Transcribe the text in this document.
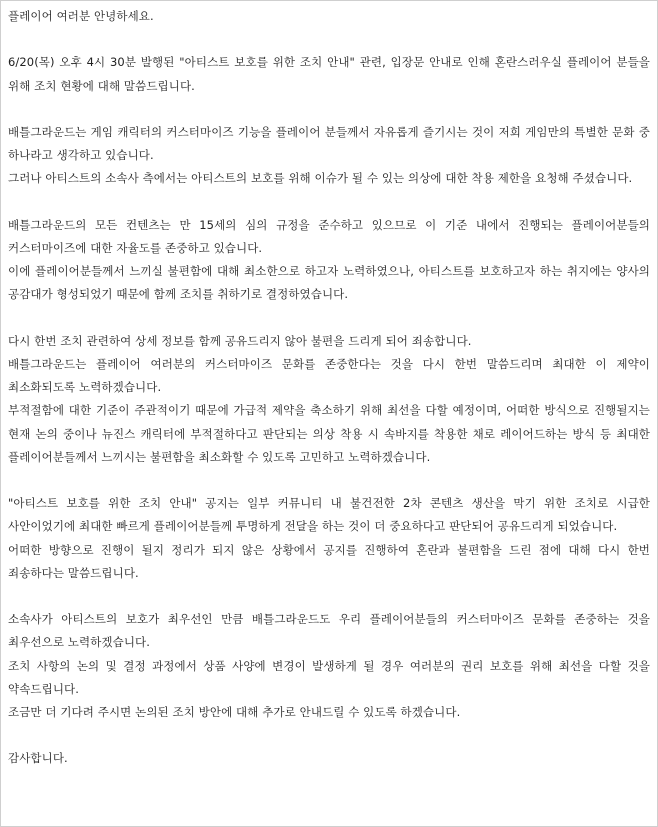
플레이어 여러분 안녕하세요.

6/20(목) 오후 4시 30분 발행된 "아티스트 보호를 위한 조치 안내" 관련, 입장문 안내로 인해 혼란스러우실 플레이어 분들을 위해 조치 현황에 대해 말씀드립니다.

배틀그라운드는 게임 캐릭터의 커스터마이즈 기능을 플레이어 분들께서 자유롭게 즐기시는 것이 저희 게임만의 특별한 문화 중 하나라고 생각하고 있습니다.

그러나 아티스트의 소속사 측에서는 아티스트의 보호를 위해 이슈가 될 수 있는 의상에 대한 착용 제한을 요청해 주셨습니다.

배틀그라운드의 모든 컨텐츠는 만 15세의 심의 규정을 준수하고 있으므로 이 기준 내에서 진행되는 플레이어분들의 커스터마이즈에 대한 자율도를 존중하고 있습니다.

이에 플레이어분들께서 느끼실 불편함에 대해 최소한으로 하고자 노력하였으나, 아티스트를 보호하고자 하는 취지에는 양사의 공감대가 형성되었기 때문에 함께 조치를 취하기로 결정하였습니다.

다시 한번 조치 관련하여 상세 정보를 함께 공유드리지 않아 불편을 드리게 되어 죄송합니다.

배틀그라운드는 플레이어 여러분의 커스터마이즈 문화를 존중한다는 것을 다시 한번 말씀드리며 최대한 이 제약이 최소화되도록 노력하겠습니다.

부적절함에 대한 기준이 주관적이기 때문에 가급적 제약을 축소하기 위해 최선을 다할 예정이며, 어떠한 방식으로 진행될지는 현재 논의 중이나 뉴진스 캐릭터에 부적절하다고 판단되는 의상 착용 시 속바지를 착용한 채로 레이어드하는 방식 등 최대한 플레이어분들께서 느끼시는 불편함을 최소화할 수 있도록 고민하고 노력하겠습니다.

"아티스트 보호를 위한 조치 안내" 공지는 일부 커뮤니티 내 불건전한 2차 콘텐츠 생산을 막기 위한 조치로 시급한 사안이었기에 최대한 빠르게 플레이어분들께 투명하게 전달을 하는 것이 더 중요하다고 판단되어 공유드리게 되었습니다.

어떠한 방향으로 진행이 될지 정리가 되지 않은 상황에서 공지를 진행하여 혼란과 불편함을 드린 점에 대해 다시 한번 죄송하다는 말씀드립니다.

소속사가 아티스트의 보호가 최우선인 만큼 배틀그라운드도 우리 플레이어분들의 커스터마이즈 문화를 존중하는 것을 최우선으로 노력하겠습니다.

조치 사항의 논의 및 결정 과정에서 상품 사양에 변경이 발생하게 될 경우 여러분의 권리 보호를 위해 최선을 다할 것을 약속드립니다.

조금만 더 기다려 주시면 논의된 조치 방안에 대해 추가로 안내드릴 수 있도록 하겠습니다.

감사합니다.
